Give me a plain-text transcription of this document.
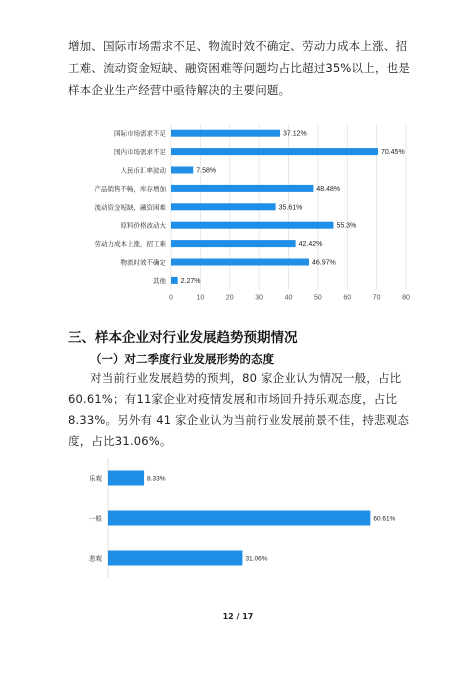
增加、国际市场需求不足、物流时效不确定、劳动力成本上涨、招工难、流动资金短缺、融资困难等问题均占比超过35%以上，也是样本企业生产经营中亟待解决的主要问题。
国际市场需求不足	37.12%
国内市场需求不足	70.45%
人民币汇率波动	7.58%
产品销售不畅，库存增加	48.48%
流动资金短缺，融资困难	35.61%
原料价格波动大	55.3%
劳动力成本上涨，招工难	42.42%
物流时效不确定	46.97%
其他 2.27%
0	10	20	30	40	50	60	70	80
三、样本企业对行业发展趋势预期情况
（一）对二季度行业发展形势的态度
对当前行业发展趋势的预判，80 家企业认为情况一般，占比60.61%；有11家企业对疫情发展和市场回升持乐观态度，占比8.33%。另外有 41 家企业认为当前行业发展前景不佳，持悲观态度，占比31.06%。
乐观	8.33%
一般	60.61%
悲观	31.06%
12 / 17
